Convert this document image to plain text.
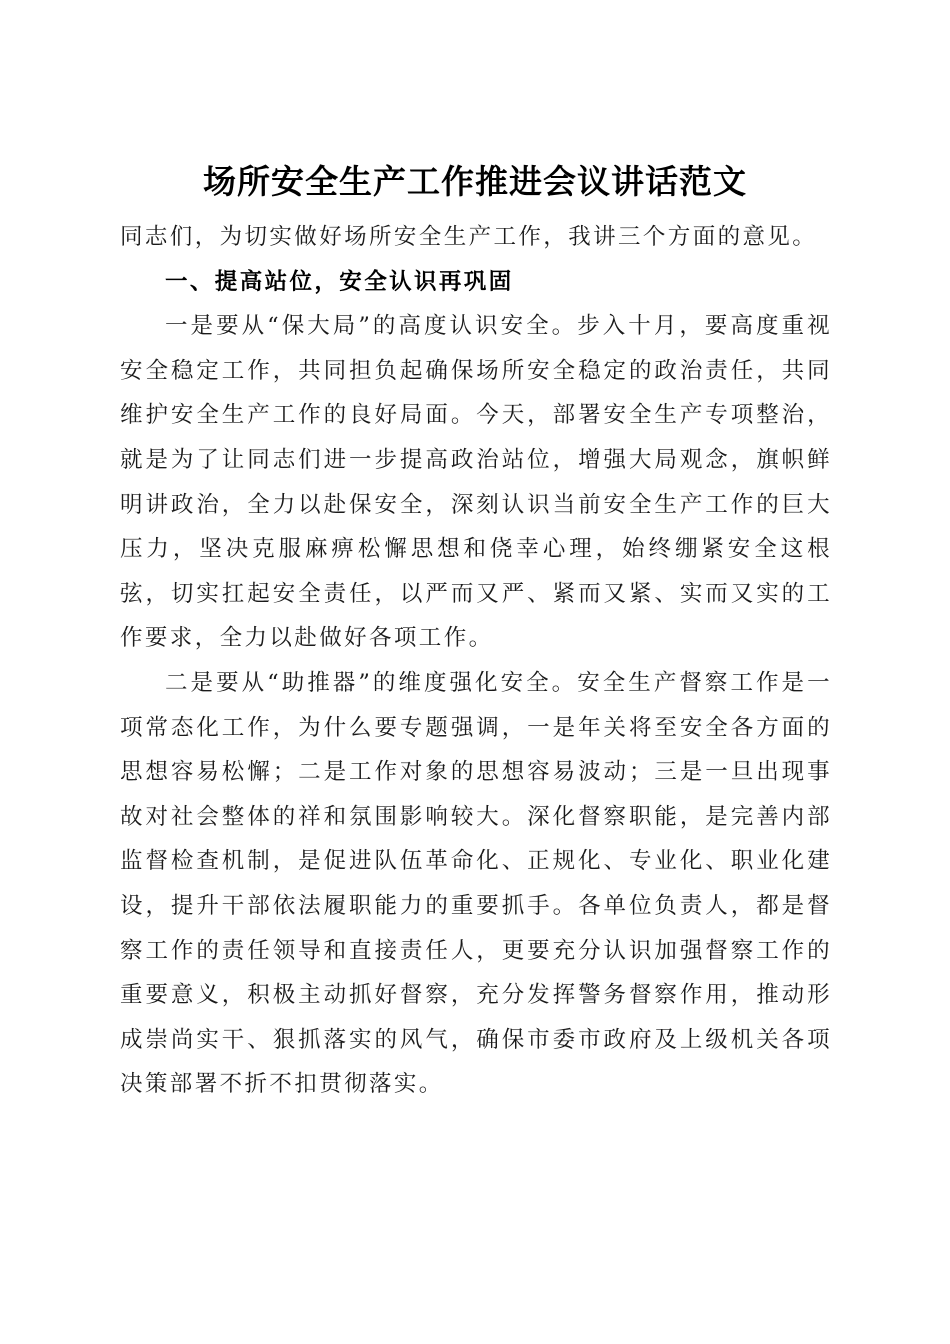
场所安全生产工作推进会议讲话范文

同志们，为切实做好场所安全生产工作，我讲三个方面的意见。

一、提高站位，安全认识再巩固

一是要从“保大局”的高度认识安全。步入十月，要高度重视安全稳定工作，共同担负起确保场所安全稳定的政治责任，共同维护安全生产工作的良好局面。今天，部署安全生产专项整治，就是为了让同志们进一步提高政治站位，增强大局观念，旗帜鲜明讲政治，全力以赴保安全，深刻认识当前安全生产工作的巨大压力，坚决克服麻痹松懈思想和侥幸心理，始终绷紧安全这根弦，切实扛起安全责任，以严而又严、紧而又紧、实而又实的工作要求，全力以赴做好各项工作。

二是要从“助推器”的维度强化安全。安全生产督察工作是一项常态化工作，为什么要专题强调，一是年关将至安全各方面的思想容易松懈；二是工作对象的思想容易波动；三是一旦出现事故对社会整体的祥和氛围影响较大。深化督察职能，是完善内部监督检查机制，是促进队伍革命化、正规化、专业化、职业化建设，提升干部依法履职能力的重要抓手。各单位负责人，都是督察工作的责任领导和直接责任人，更要充分认识加强督察工作的重要意义，积极主动抓好督察，充分发挥警务督察作用，推动形成崇尚实干、狠抓落实的风气，确保市委市政府及上级机关各项决策部署不折不扣贯彻落实。
